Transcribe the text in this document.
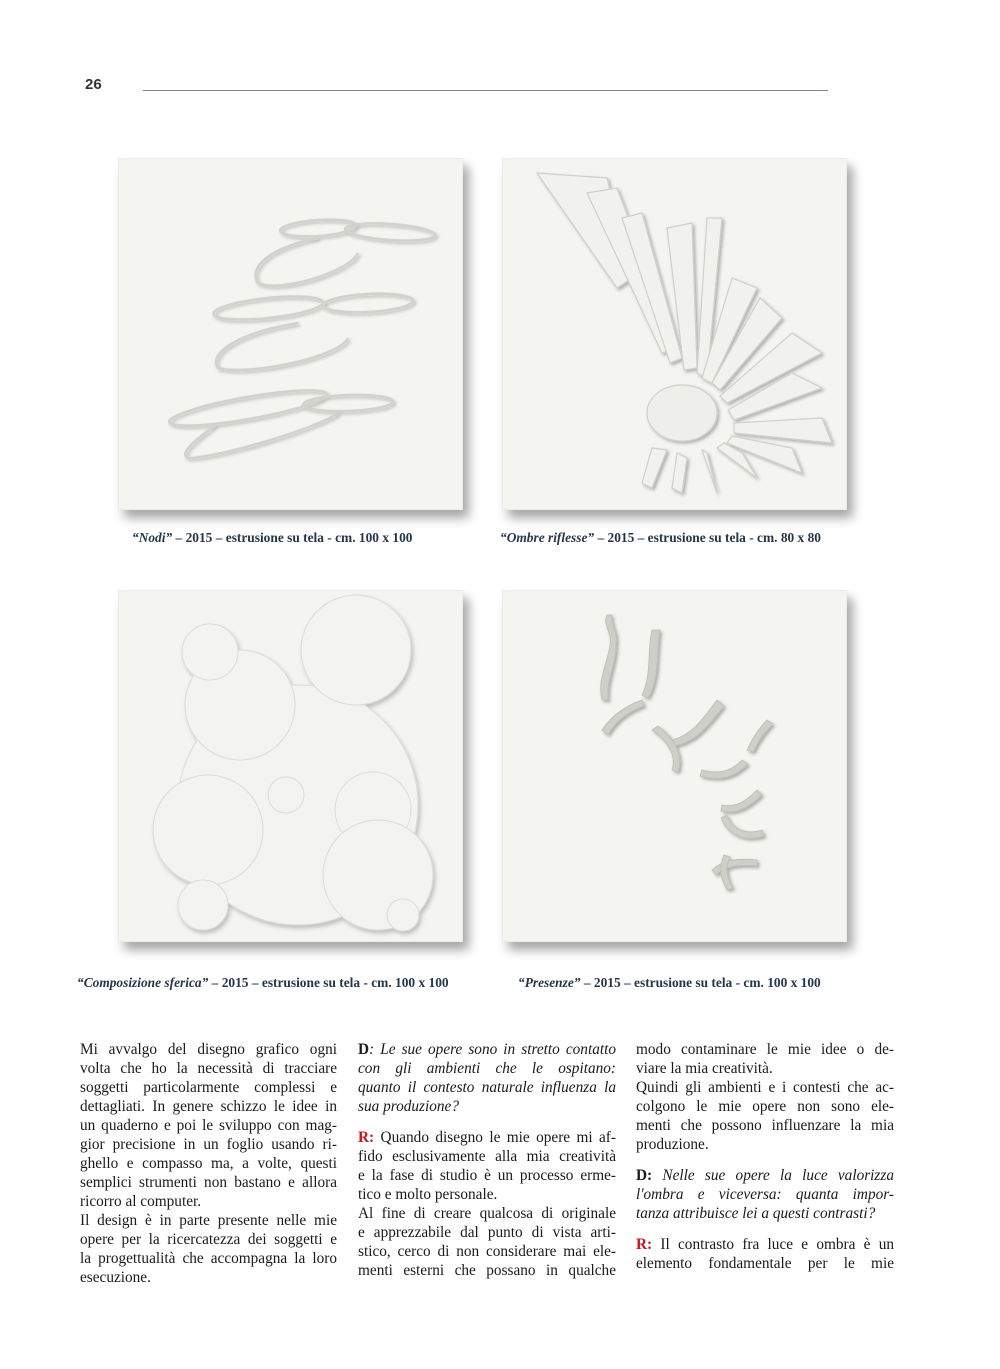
26
“Nodi” – 2015 – estrusione su tela - cm. 100 x 100	“Ombre riflesse” – 2015 – estrusione su tela - cm. 80 x 80
“Composizione sferica” – 2015 – estrusione su tela - cm. 100 x 100	“Presenze” – 2015 – estrusione su tela - cm. 100 x 100
Mi avvalgo del disegno grafico ogni
volta che ho la necessità di tracciare
soggetti particolarmente complessi e
dettagliati. In genere schizzo le idee in
un quaderno e poi le sviluppo con mag-
gior precisione in un foglio usando ri-
ghello e compasso ma, a volte, questi
semplici strumenti non bastano e allora
ricorro al computer.
Il design è in parte presente nelle mie
opere per la ricercatezza dei soggetti e
la progettualità che accompagna la loro
esecuzione.
D: Le sue opere sono in stretto contatto
con gli ambienti che le ospitano:
quanto il contesto naturale influenza la
sua produzione?
R: Quando disegno le mie opere mi af-
fido esclusivamente alla mia creatività
e la fase di studio è un processo erme-
tico e molto personale.
Al fine di creare qualcosa di originale
e apprezzabile dal punto di vista arti-
stico, cerco di non considerare mai ele-
menti esterni che possano in qualche
modo contaminare le mie idee o de-
viare la mia creatività.
Quindi gli ambienti e i contesti che ac-
colgono le mie opere non sono ele-
menti che possono influenzare la mia
produzione.
D: Nelle sue opere la luce valorizza
l'ombra e viceversa: quanta impor-
tanza attribuisce lei a questi contrasti?
R: Il contrasto fra luce e ombra è un
elemento fondamentale per le mie
